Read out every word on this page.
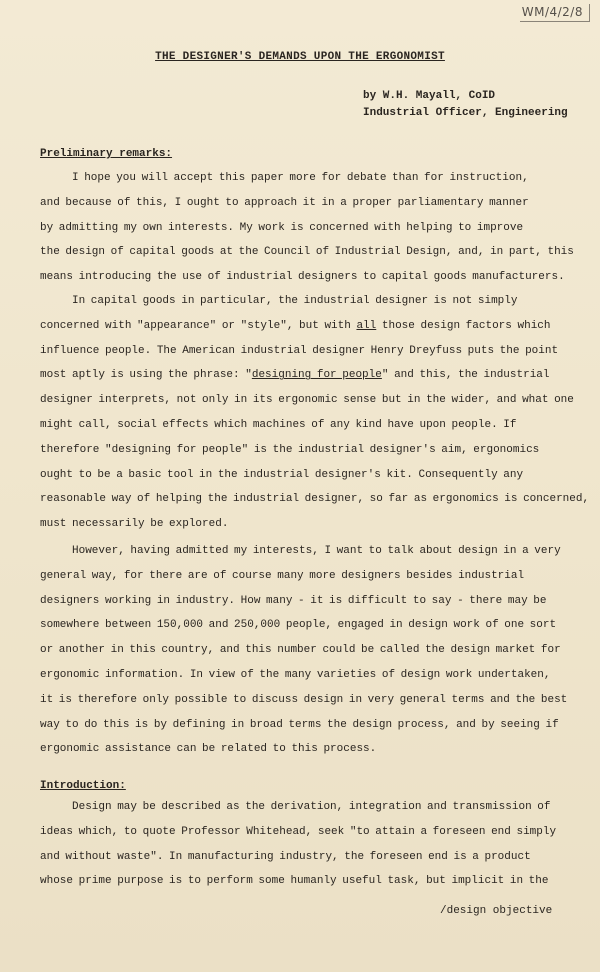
WM/4/2/8
THE DESIGNER'S DEMANDS UPON THE ERGONOMIST
by W.H. Mayall, CoID
Industrial Officer, Engineering
Preliminary remarks:
I hope you will accept this paper more for debate than for instruction,
and because of this, I ought to approach it in a proper parliamentary manner
by admitting my own interests. My work is concerned with helping to improve
the design of capital goods at the Council of Industrial Design, and, in part, this
means introducing the use of industrial designers to capital goods manufacturers.
In capital goods in particular, the industrial designer is not simply
concerned with "appearance" or "style", but with all those design factors which
influence people. The American industrial designer Henry Dreyfuss puts the point
most aptly is using the phrase: "designing for people" and this, the industrial
designer interprets, not only in its ergonomic sense but in the wider, and what one
might call, social effects which machines of any kind have upon people. If
therefore "designing for people" is the industrial designer's aim, ergonomics
ought to be a basic tool in the industrial designer's kit. Consequently any
reasonable way of helping the industrial designer, so far as ergonomics is concerned,
must necessarily be explored.
However, having admitted my interests, I want to talk about design in a very
general way, for there are of course many more designers besides industrial
designers working in industry. How many - it is difficult to say - there may be
somewhere between 150,000 and 250,000 people, engaged in design work of one sort
or another in this country, and this number could be called the design market for
ergonomic information. In view of the many varieties of design work undertaken,
it is therefore only possible to discuss design in very general terms and the best
way to do this is by defining in broad terms the design process, and by seeing if
ergonomic assistance can be related to this process.
Introduction:
Design may be described as the derivation, integration and transmission of
ideas which, to quote Professor Whitehead, seek "to attain a foreseen end simply
and without waste". In manufacturing industry, the foreseen end is a product
whose prime purpose is to perform some humanly useful task, but implicit in the
/design objective
